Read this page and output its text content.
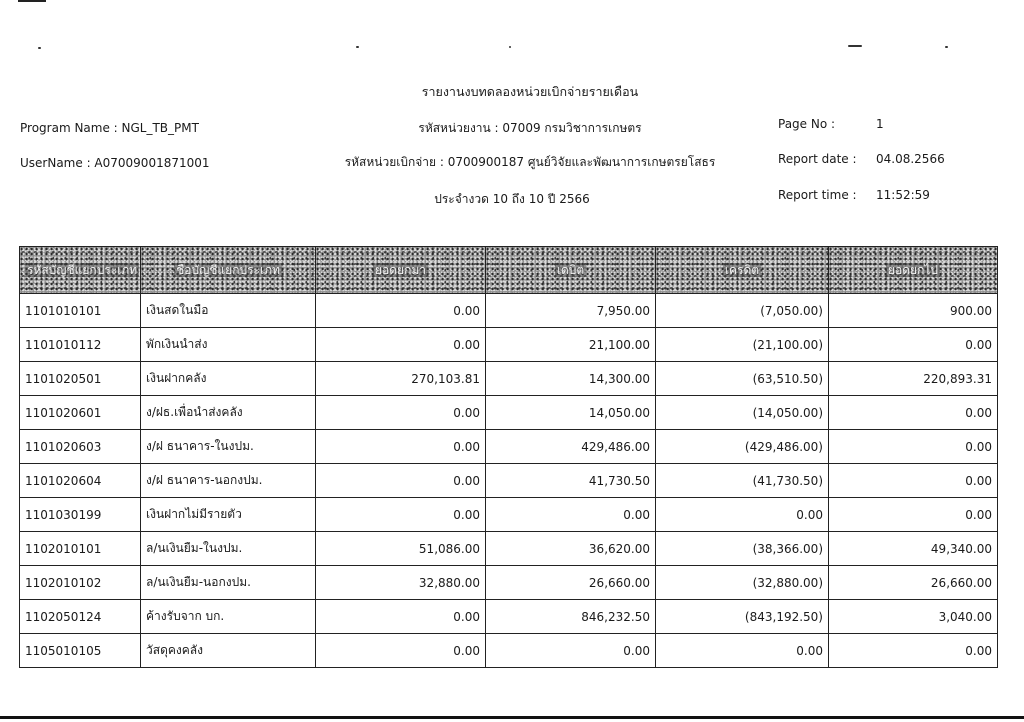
รายงานงบทดลองหน่วยเบิกจ่ายรายเดือน
Program Name : NGL_TB_PMT	รหัสหน่วยงาน : 07009 กรมวิชาการเกษตร	Page No :	1
UserName : A07009001871001	รหัสหน่วยเบิกจ่าย : 0700900187 ศูนย์วิจัยและพัฒนาการเกษตรยโสธร	Report date : 04.08.2566
ประจำงวด 10 ถึง 10 ปี 2566	Report time : 11:52:59
รหัสบัญชีแยกประเภท	ชื่อบัญชีแยกประเภท	ยอดยกมา	เดบิต	เครดิต	ยอดยกไป
1101010101	เงินสดในมือ	0.00	7,950.00	(7,050.00)	900.00
1101010112	พักเงินนำส่ง	0.00	21,100.00	(21,100.00)	0.00
1101020501	เงินฝากคลัง	270,103.81	14,300.00	(63,510.50)	220,893.31
1101020601	ง/ฝธ.เพื่อนำส่งคลัง	0.00	14,050.00	(14,050.00)	0.00
1101020603	ง/ฝ ธนาคาร-ในงปม.	0.00	429,486.00	(429,486.00)	0.00
1101020604	ง/ฝ ธนาคาร-นอกงปม.	0.00	41,730.50	(41,730.50)	0.00
1101030199	เงินฝากไม่มีรายตัว	0.00	0.00	0.00	0.00
1102010101	ล/นเงินยืม-ในงปม.	51,086.00	36,620.00	(38,366.00)	49,340.00
1102010102	ล/นเงินยืม-นอกงปม.	32,880.00	26,660.00	(32,880.00)	26,660.00
1102050124	ค้างรับจาก บก.	0.00	846,232.50	(843,192.50)	3,040.00
1105010105	วัสดุคงคลัง	0.00	0.00	0.00	0.00
